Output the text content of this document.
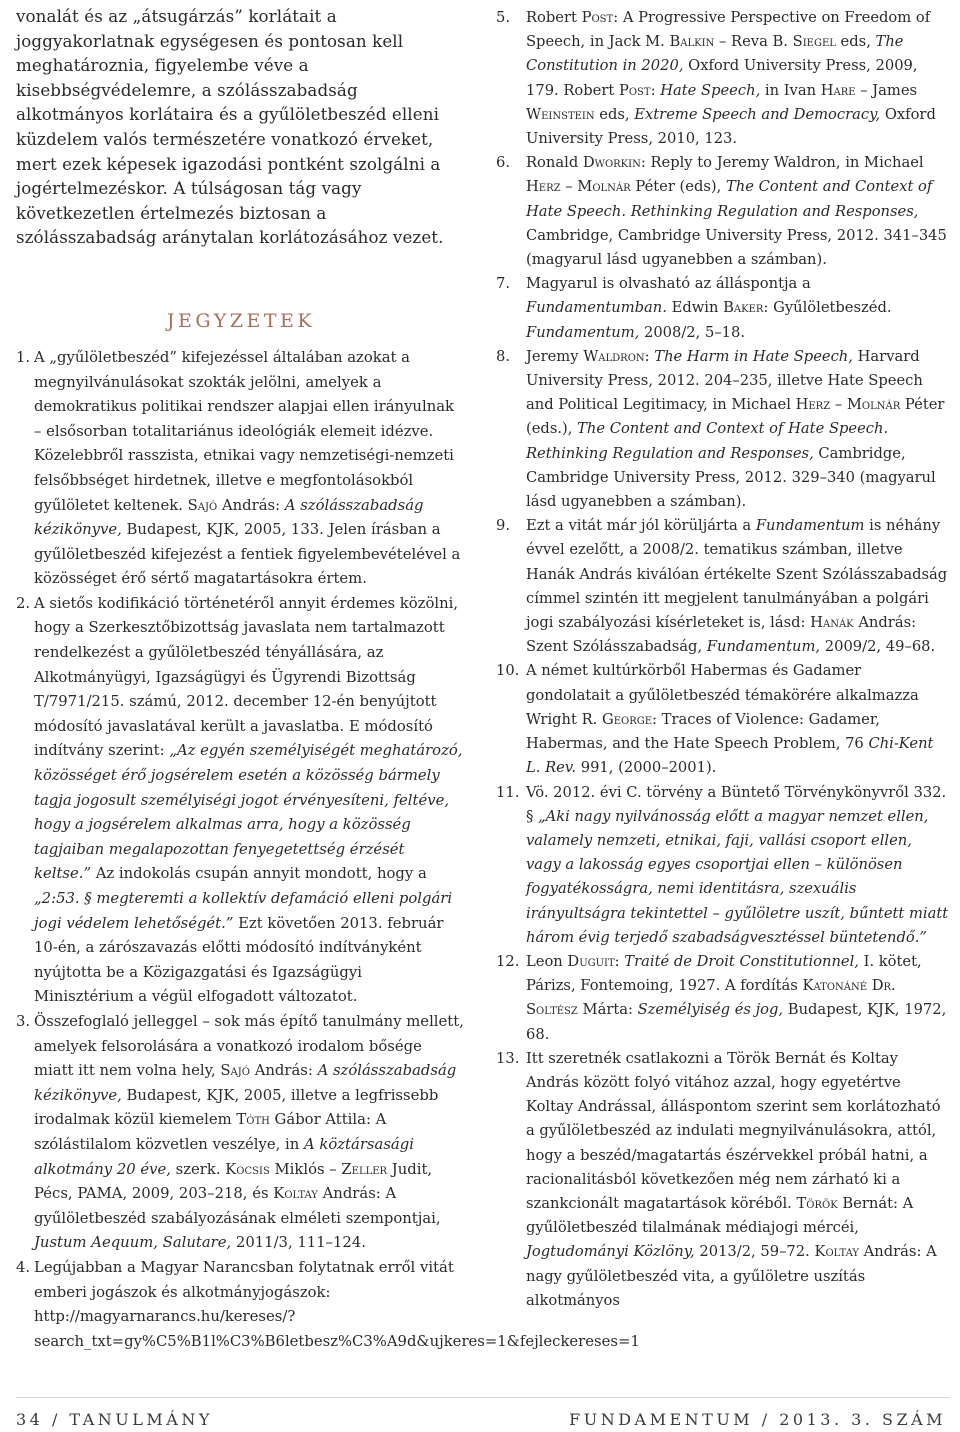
vonalát és az „átsugárzás” korlátait a joggyakorlatnak egységesen és pontosan kell meghatároznia, figyelembe véve a kisebbségvédelemre, a szólásszabadság alkotmányos korlátaira és a gyűlöletbeszéd elleni küzdelem valós természetére vonatkozó érveket, mert ezek képesek igazodási pontként szolgálni a jogértelmezéskor. A túlságosan tág vagy következetlen értelmezés biztosan a szólásszabadság aránytalan korlátozásához vezet.

JEGYZETEK
1. A „gyűlöletbeszéd” kifejezéssel általában azokat a megnyilvánulásokat szokták jelölni, amelyek a demokratikus politikai rendszer alapjai ellen irányulnak – elsősorban totalitariánus ideológiák elemeit idézve. Közelebbről rasszista, etnikai vagy nemzetiségi-nemzeti felsőbbséget hirdetnek, illetve e megfontolásokból gyűlöletet keltenek. Sajó András: A szólásszabadság kézikönyve, Budapest, KJK, 2005, 133. Jelen írásban a gyűlöletbeszéd kifejezést a fentiek figyelembevételével a közösséget érő sértő magatartásokra értem.
2. A sietős kodifikáció történetéről annyit érdemes közölni, hogy a Szerkesztőbizottság javaslata nem tartalmazott rendelkezést a gyűlöletbeszéd tényállására, az Alkotmányügyi, Igazságügyi és Ügyrendi Bizottság T/7971/215. számú, 2012. december 12-én benyújtott módosító javaslatával került a javaslatba. E módosító indítvány szerint: „Az egyén személyiségét meghatározó, közösséget érő jogsérelem esetén a közösség bármely tagja jogosult személyiségi jogot érvényesíteni, feltéve, hogy a jogsérelem alkalmas arra, hogy a közösség tagjaiban megalapozottan fenyegetettség érzését keltse.” Az indokolás csupán annyit mondott, hogy a „2:53. § megteremti a kollektív defamáció elleni polgári jogi védelem lehetőségét.” Ezt követően 2013. február 10-én, a zárószavazás előtti módosító indítványként nyújtotta be a Közigazgatási és Igazságügyi Minisztérium a végül elfogadott változatot.
3. Összefoglaló jelleggel – sok más építő tanulmány mellett, amelyek felsorolására a vonatkozó irodalom bősége miatt itt nem volna hely, Sajó András: A szólásszabadság kézikönyve, Budapest, KJK, 2005, illetve a legfrissebb irodalmak közül kiemelem Tóth Gábor Attila: A szólástilalom közvetlen veszélye, in A köztársasági alkotmány 20 éve, szerk. Kocsis Miklós – Zeller Judit, Pécs, PAMA, 2009, 203–218, és Koltay András: A gyűlöletbeszéd szabályozásának elméleti szempontjai, Justum Aequum, Salutare, 2011/3, 111–124.
4. Legújabban a Magyar Narancsban folytatnak erről vitát emberi jogászok és alkotmányjogászok: http://magyarnarancs.hu/kereses/?search_txt=gy%C5%B1l%C3%B6letbesz%C3%A9d&ujkeres=1&fejleckereses=1
5. Robert Post: A Progressive Perspective on Freedom of Speech, in Jack M. Balkin – Reva B. Siegel eds, The Constitution in 2020, Oxford University Press, 2009, 179. Robert Post: Hate Speech, in Ivan Hare – James Weinstein eds, Extreme Speech and Democracy, Oxford University Press, 2010, 123.
6. Ronald Dworkin: Reply to Jeremy Waldron, in Michael Herz – Molnár Péter (eds), The Content and Context of Hate Speech. Rethinking Regulation and Responses, Cambridge, Cambridge University Press, 2012. 341–345 (magyarul lásd ugyanebben a számban).
7. Magyarul is olvasható az álláspontja a Fundamentumban. Edwin Baker: Gyűlöletbeszéd. Fundamentum, 2008/2, 5–18.
8. Jeremy Waldron: The Harm in Hate Speech, Harvard University Press, 2012. 204–235, illetve Hate Speech and Political Legitimacy, in Michael Herz – Molnár Péter (eds.), The Content and Context of Hate Speech. Rethinking Regulation and Responses, Cambridge, Cambridge University Press, 2012. 329–340 (magyarul lásd ugyanebben a számban).
9. Ezt a vitát már jól körüljárta a Fundamentum is néhány évvel ezelőtt, a 2008/2. tematikus számban, illetve Hanák András kiválóan értékelte Szent Szólásszabadság címmel szintén itt megjelent tanulmányában a polgári jogi szabályozási kísérleteket is, lásd: Hanák András: Szent Szólásszabadság, Fundamentum, 2009/2, 49–68.
10. A német kultúrkörből Habermas és Gadamer gondolatait a gyűlöletbeszéd témakörére alkalmazza Wright R. George: Traces of Violence: Gadamer, Habermas, and the Hate Speech Problem, 76 Chi-Kent L. Rev. 991, (2000–2001).
11. Vö. 2012. évi C. törvény a Büntető Törvénykönyvről 332. § „Aki nagy nyilvánosság előtt a magyar nemzet ellen, valamely nemzeti, etnikai, faji, vallási csoport ellen, vagy a lakosság egyes csoportjai ellen – különösen fogyatékosságra, nemi identitásra, szexuális irányultságra tekintettel – gyűlöletre uszít, bűntett miatt három évig terjedő szabadságvesztéssel büntetendő.”
12. Leon Duguit: Traité de Droit Constitutionnel, I. kötet, Párizs, Fontemoing, 1927. A fordítás Katonáné Dr. Soltész Márta: Személyiség és jog, Budapest, KJK, 1972, 68.
13. Itt szeretnék csatlakozni a Török Bernát és Koltay András között folyó vitához azzal, hogy egyetértve Koltay Andrással, álláspontom szerint sem korlátozható a gyűlöletbeszéd az indulati megnyilvánulásokra, attól, hogy a beszéd/magatartás észérvekkel próbál hatni, a racionalitásból következően még nem zárható ki a szankcionált magatartások köréből. Török Bernát: A gyűlöletbeszéd tilalmának médiajogi mércéi, Jogtudományi Közlöny, 2013/2, 59–72. Koltay András: A nagy gyűlöletbeszéd vita, a gyűlöletre uszítás alkotmányos
34 / TANULMÁNY	FUNDAMENTUM / 2013. 3. SZÁM
